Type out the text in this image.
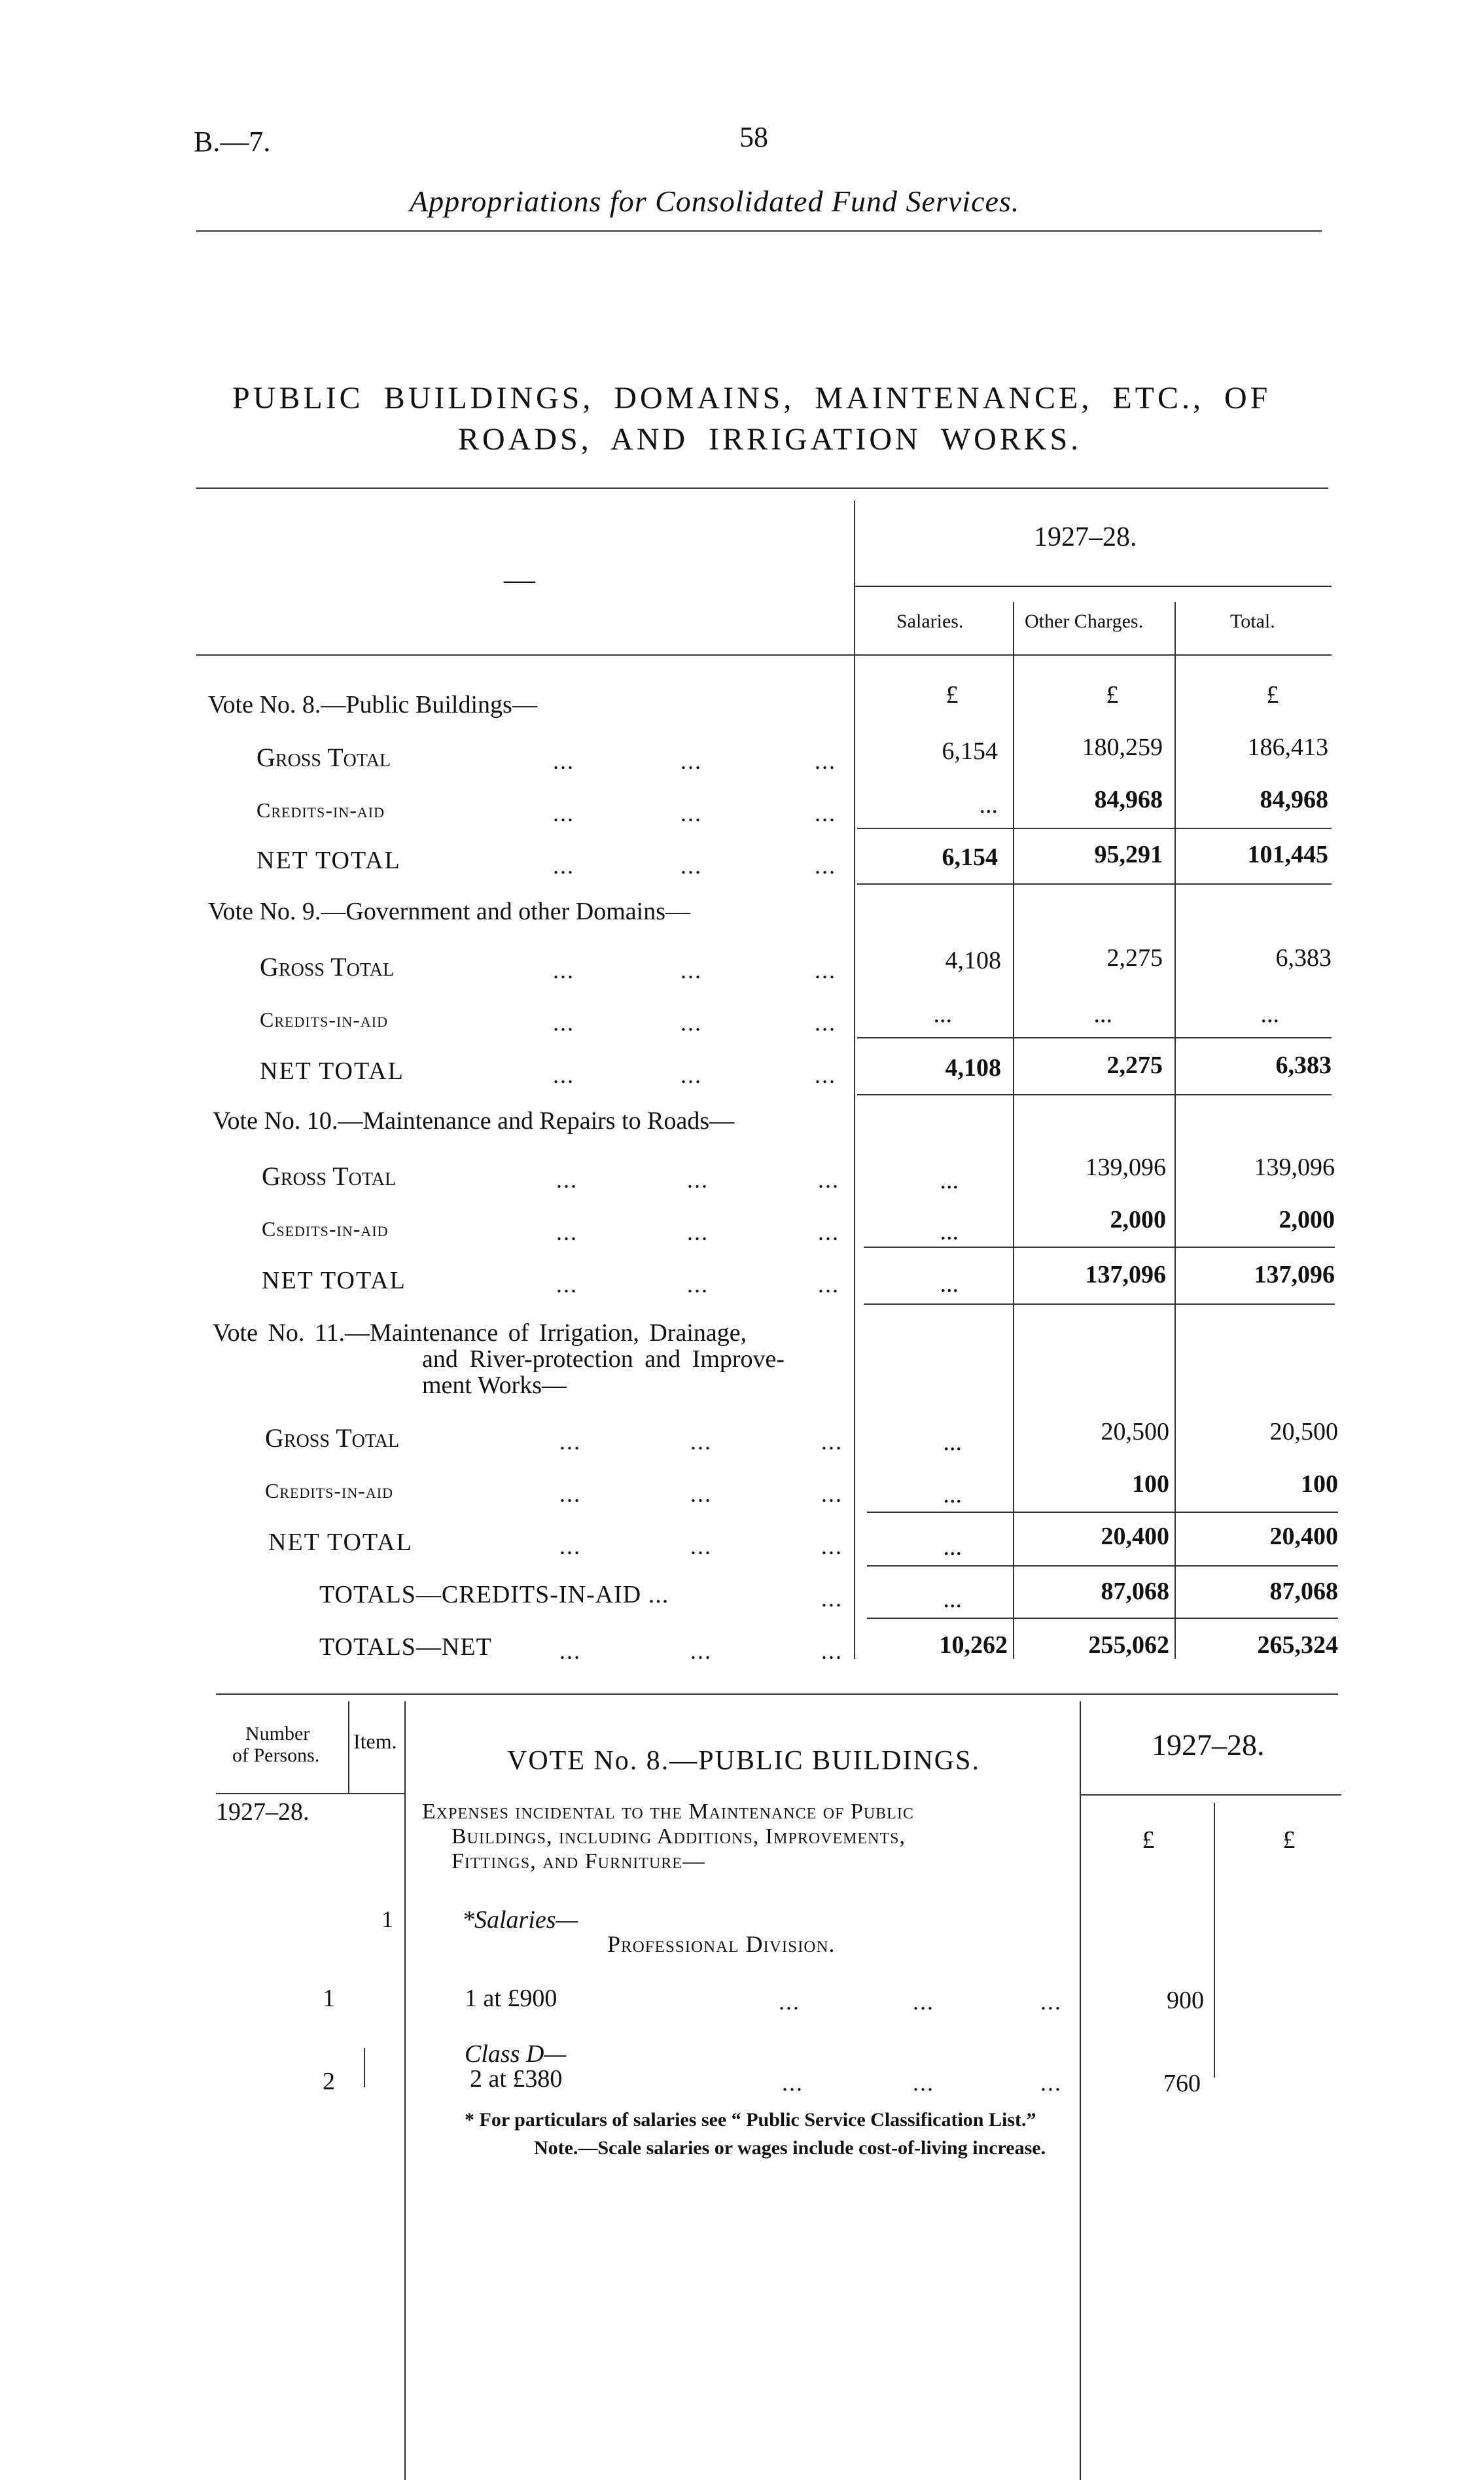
B.—7.	58
Appropriations for Consolidated Fund Services.
PUBLIC BUILDINGS, DOMAINS, MAINTENANCE, ETC., OF
ROADS, AND IRRIGATION WORKS.
—
1927–28.
Salaries.	Other Charges.	Total.
£	£	£
Vote No. 8.—Public Buildings—
Gross Total	...	...	...	6,154	180,259	186,413
Credits-in-aid	...	...	...	...	84,968	84,968
NET TOTAL	...	...	...	6,154	95,291	101,445
Vote No. 9.—Government and other Domains—
Gross Total	...	...	...	4,108	2,275	6,383
Credits-in-aid	...	...	...	...	...	...
NET TOTAL	...	...	...	4,108	2,275	6,383
Vote No. 10.—Maintenance and Repairs to Roads—
Gross Total	...	...	...	...	139,096	139,096
Csedits-in-aid	...	...	...	...	2,000	2,000
NET TOTAL	...	...	...	...	137,096	137,096
Vote No. 11.—Maintenance of Irrigation, Drainage,
and River-protection and Improve-
ment Works—
Gross Total	...	...	...	...	20,500	20,500
Credits-in-aid	...	...	...	...	100	100
NET TOTAL	...	...	...	...	20,400	20,400
TOTALS—CREDITS-IN-AID ...	...	...	87,068	87,068
TOTALS—NET	...	...	...	10,262	255,062	265,324
Number
of Persons.
Item.
VOTE No. 8.—PUBLIC BUILDINGS.	1927–28.
1927–28.	Expenses incidental to the Maintenance of Public
Buildings, including Additions, Improvements,
Fittings, and Furniture—
£	£
1	*Salaries—
Professional Division.
1	1 at £900	...	...	...	900
Class D—
2	2 at £380	...	...	...	760
* For particulars of salaries see “ Public Service Classification List.”
Note.—Scale salaries or wages include cost-of-living increase.
